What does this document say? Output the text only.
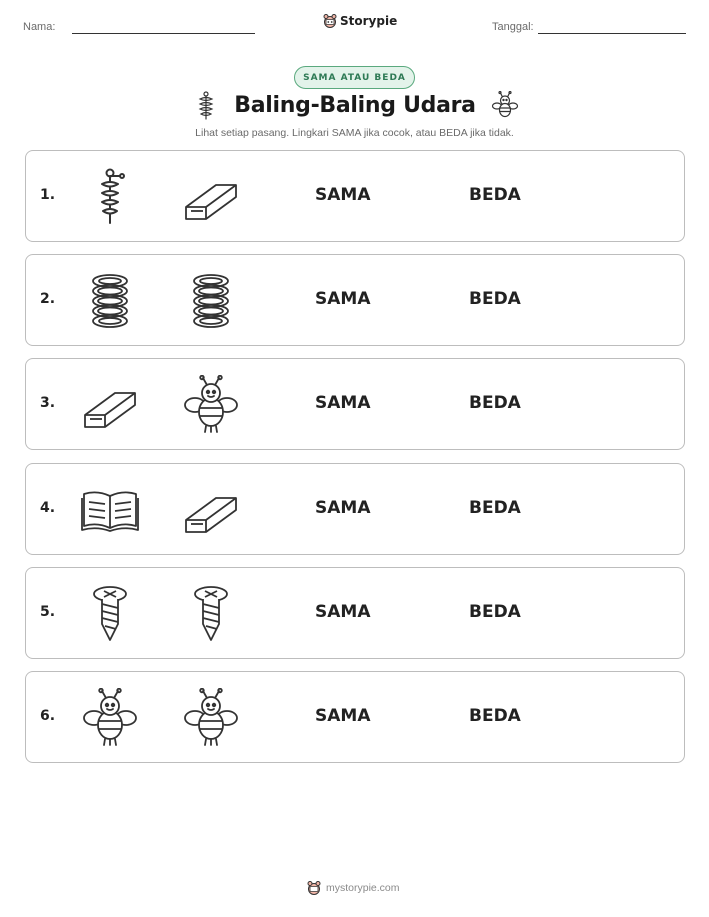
Nama:	Storypie	Tanggal:
SAMA ATAU BEDA
Baling-Baling Udara
Lihat setiap pasang. Lingkari SAMA jika cocok, atau BEDA jika tidak.
1.	SAMA	BEDA
2.	SAMA	BEDA
3.	SAMA	BEDA
4.	SAMA	BEDA
5.	SAMA	BEDA
6.	SAMA	BEDA
mystorypie.com
